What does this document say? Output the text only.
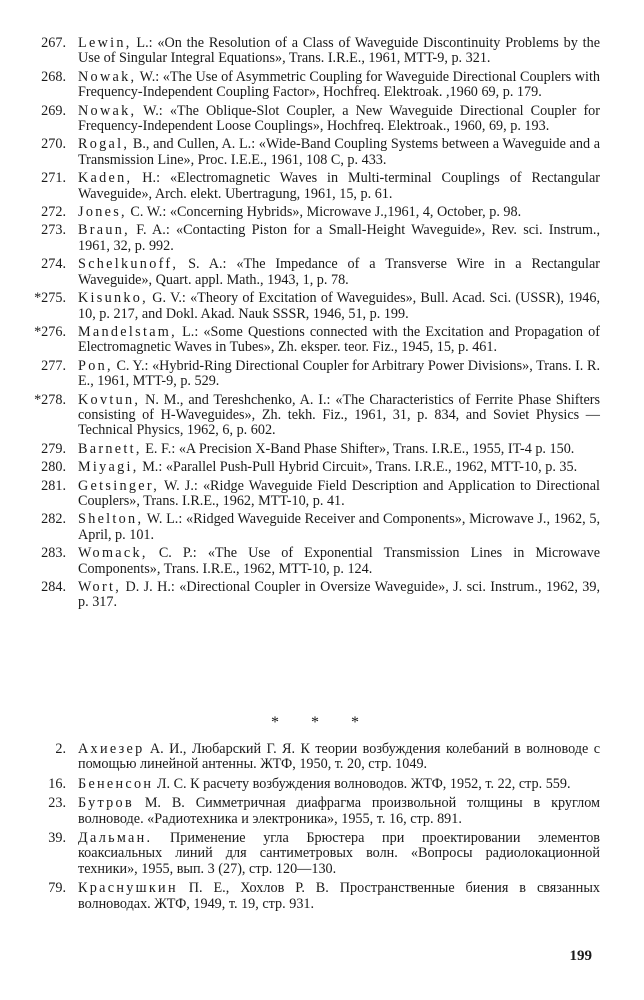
267. Lewin, L.: «On the Resolution of a Class of Waveguide Discontinuity Problems by the Use of Singular Integral Equations», Trans. I.R.E., 1961, MTT-9, p. 321.
268. Nowak, W.: «The Use of Asymmetric Coupling for Waveguide Directional Couplers with Frequency-Independent Coupling Factor», Hochfreq. Elektroak. ,1960 69, p. 179.
269. Nowak, W.: «The Oblique-Slot Coupler, a New Waveguide Directional Coupler for Frequency-Independent Loose Couplings», Hochfreq. Elektroak., 1960, 69, p. 193.
270. Rogal, B., and Cullen, A. L.: «Wide-Band Coupling Systems between a Waveguide and a Transmission Line», Proc. I.E.E., 1961, 108 C, p. 433.
271. Kaden, H.: «Electromagnetic Waves in Multi-terminal Couplings of Rectangular Waveguide», Arch. elekt. Ubertragung, 1961, 15, p. 61.
272. Jones, C. W.: «Concerning Hybrids», Microwave J.,1961, 4, October, p. 98.
273. Braun, F. A.: «Contacting Piston for a Small-Height Waveguide», Rev. sci. Instrum., 1961, 32, p. 992.
274. Schelkunoff, S. A.: «The Impedance of a Transverse Wire in a Rectangular Waveguide», Quart. appl. Math., 1943, 1, p. 78.
*275. Kisunko, G. V.: «Theory of Excitation of Waveguides», Bull. Acad. Sci. (USSR), 1946, 10, p. 217, and Dokl. Akad. Nauk SSSR, 1946, 51, p. 199.
*276. Mandelstam, L.: «Some Questions connected with the Excitation and Propagation of Electromagnetic Waves in Tubes», Zh. eksper. teor. Fiz., 1945, 15, p. 461.
277. Pon, C. Y.: «Hybrid-Ring Directional Coupler for Arbitrary Power Divisions», Trans. I. R. E., 1961, MTT-9, p. 529.
*278. Kovtun, N. M., and Tereshchenko, A. I.: «The Characteristics of Ferrite Phase Shifters consisting of H-Waveguides», Zh. tekh. Fiz., 1961, 31, p. 834, and Soviet Physics — Technical Physics, 1962, 6, p. 602.
279. Barnett, E. F.: «A Precision X-Band Phase Shifter», Trans. I.R.E., 1955, IT-4 p. 150.
280. Miyagi, M.: «Parallel Push-Pull Hybrid Circuit», Trans. I.R.E., 1962, MTT-10, p. 35.
281. Getsinger, W. J.: «Ridge Waveguide Field Description and Application to Directional Couplers», Trans. I.R.E., 1962, MTT-10, p. 41.
282. Shelton, W. L.: «Ridged Waveguide Receiver and Components», Microwave J., 1962, 5, April, p. 101.
283. Womack, C. P.: «The Use of Exponential Transmission Lines in Microwave Components», Trans. I.R.E., 1962, MTT-10, p. 124.
284. Wort, D. J. H.: «Directional Coupler in Oversize Waveguide», J. sci. Instrum., 1962, 39, p. 317.
* * *
2. Ахиезер А. И., Любарский Г. Я. К теории возбуждения колебаний в волноводе с помощью линейной антенны. ЖТФ, 1950, т. 20, стр. 1049.
16. Бененсон Л. С. К расчету возбуждения волноводов. ЖТФ, 1952, т. 22, стр. 559.
23. Бутров М. В. Симметричная диафрагма произвольной толщины в круглом волноводе. «Радиотехника и электроника», 1955, т. 16, стр. 891.
39. Дальман. Применение угла Брюстера при проектировании элементов коаксиальных линий для сантиметровых волн. «Вопросы радиолокационной техники», 1955, вып. 3 (27), стр. 120—130.
79. Краснушкин П. Е., Хохлов Р. В. Пространственные биения в связанных волноводах. ЖТФ, 1949, т. 19, стр. 931.
199
